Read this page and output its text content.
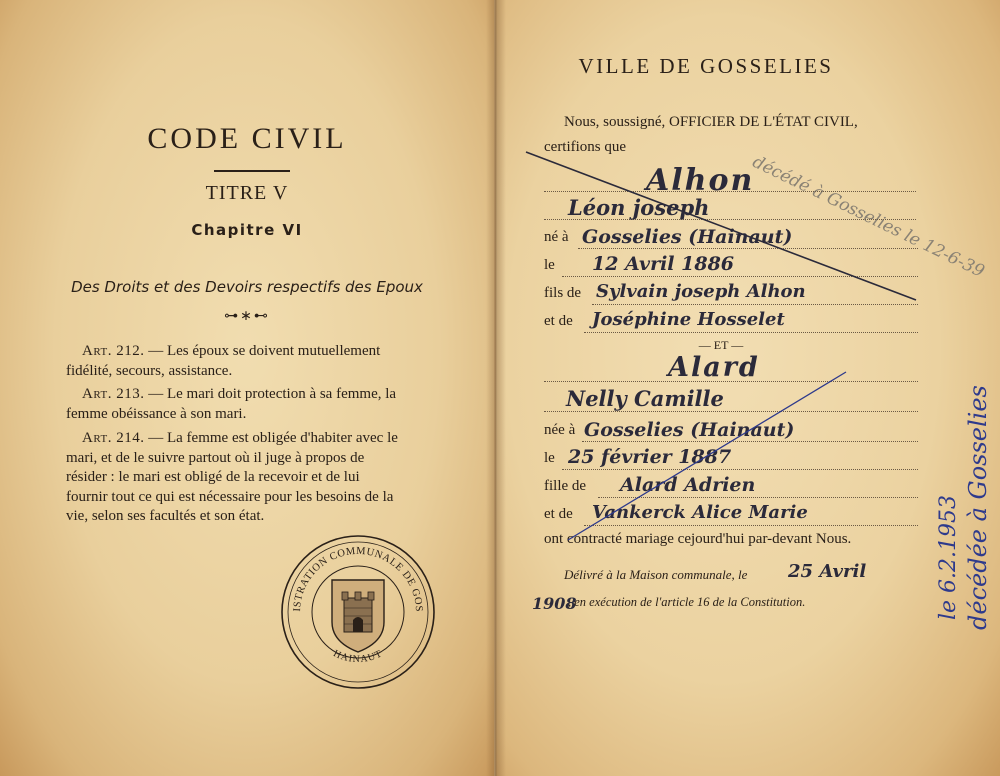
CODE CIVIL
TITRE V
Chapitre VI
Des Droits et des Devoirs respectifs des Epoux
⊶∗⊷

Art. 212. — Les époux se doivent mutuellement
fidélité, secours, assistance.

Art. 213. — Le mari doit protection à sa femme, la
femme obéissance à son mari.

Art. 214. — La femme est obligée d'habiter avec le
mari, et de le suivre partout où il juge à propos de
résider : le mari est obligé de la recevoir et de lui
fournir tout ce qui est nécessaire pour les besoins de la
vie, selon ses facultés et son état.

ADMINISTRATION COMMUNALE DE GOSSELIES
HAINAUT
VILLE DE GOSSELIES
Nous, soussigné, OFFICIER DE L'ÉTAT CIVIL,
certifions que
décédé à Gosselies le 12-6-39
Alhon
Léon joseph
né à Gosselies (Hainaut)
le 12 Avril 1886
fils de Sylvain joseph Alhon
et de Joséphine Hosselet
— ET —
Alard
Nelly Camille
née à Gosselies (Hainaut)
le 25 février 1887
fille de Alard Adrien
et de Vankerck Alice Marie
ont contracté mariage cejourd'hui par-devant Nous.
Délivré à la Maison communale, le 25 Avril
1908
, en exécution de l'article 16 de la Constitution.	décédée à Gosselies
le 6.2.1953
